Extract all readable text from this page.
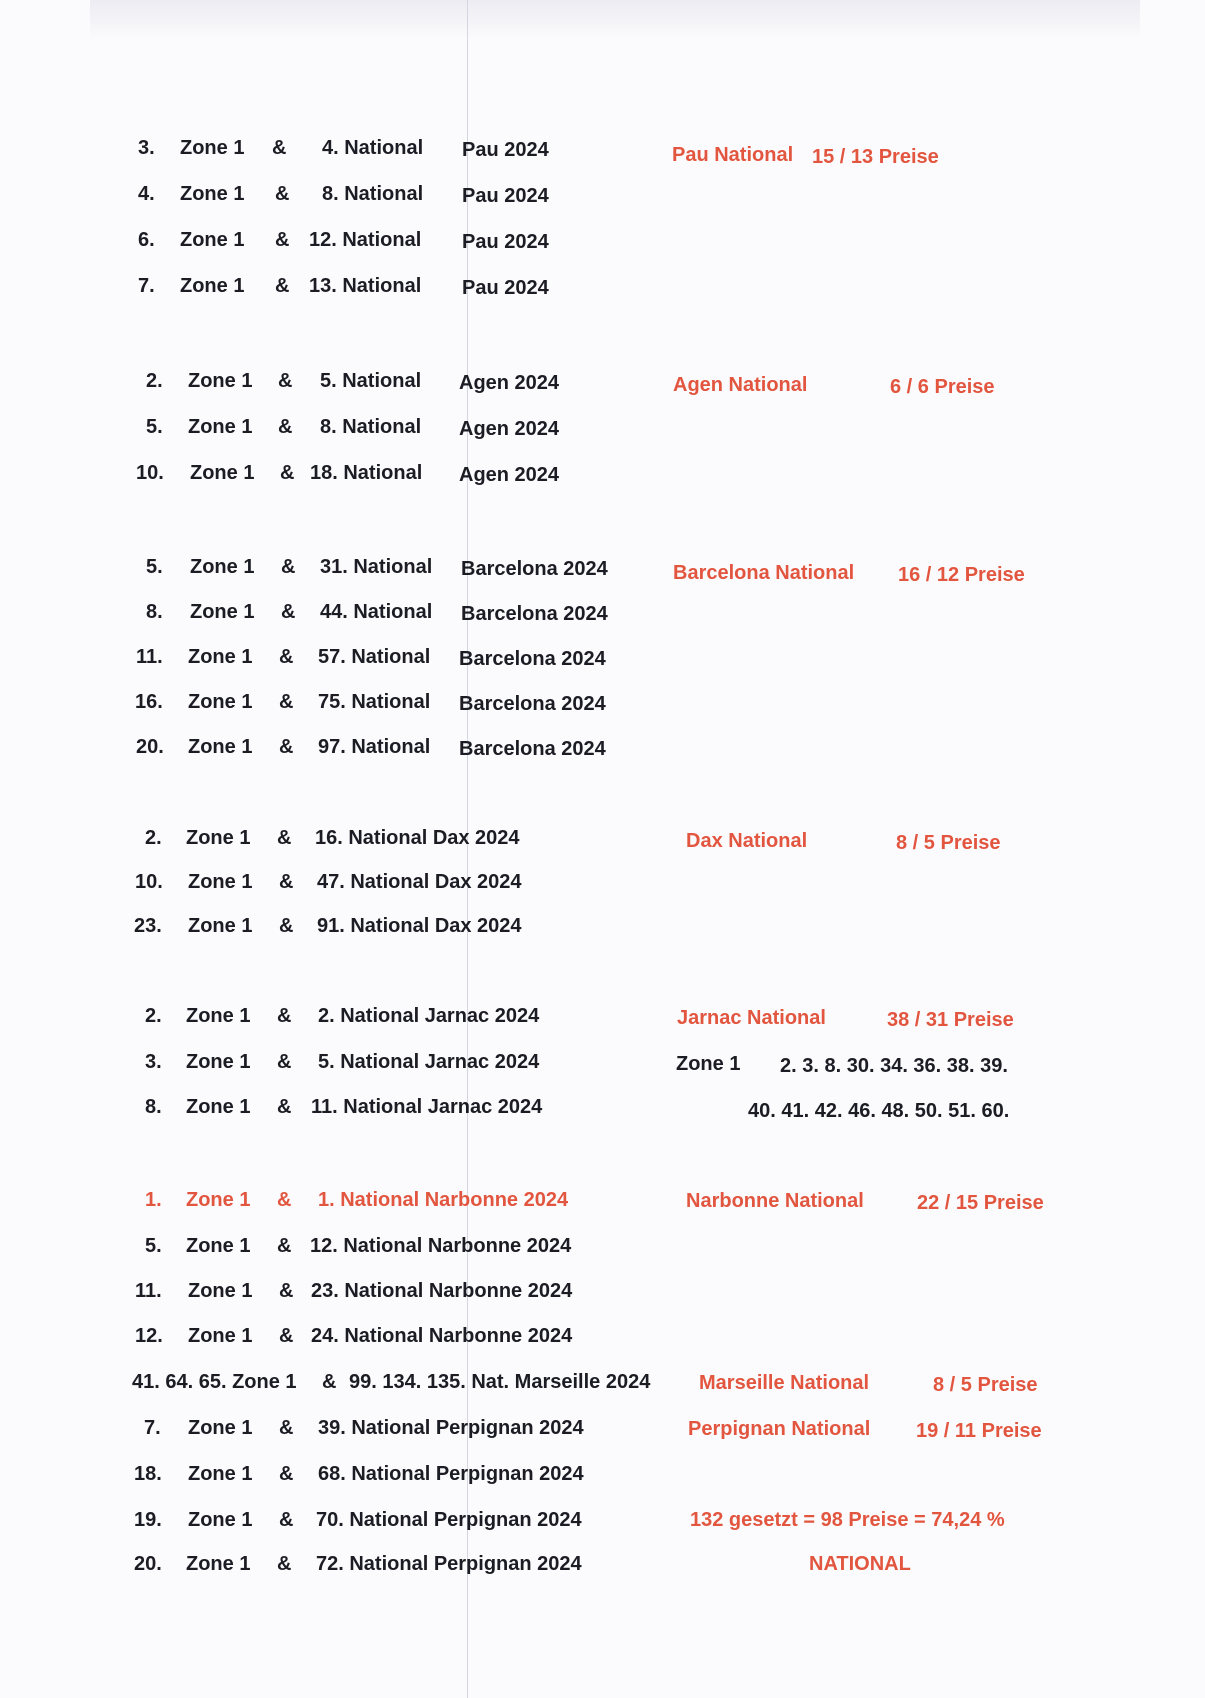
3. Zone 1 & 4. National Pau 2024
4. Zone 1 & 8. National Pau 2024
6. Zone 1 & 12. National Pau 2024
7. Zone 1 & 13. National Pau 2024
Pau National 15 / 13 Preise
2. Zone 1 & 5. National Agen 2024
5. Zone 1 & 8. National Agen 2024
10. Zone 1 & 18. National Agen 2024
Agen National	6 / 6 Preise
5. Zone 1 & 31. National Barcelona 2024
8. Zone 1 & 44. National Barcelona 2024
11. Zone 1 & 57. National Barcelona 2024
16. Zone 1 & 75. National Barcelona 2024
20. Zone 1 & 97. National Barcelona 2024
Barcelona National 16 / 12 Preise
2. Zone 1 & 16. National Dax 2024
10. Zone 1 & 47. National Dax 2024
23. Zone 1 & 91. National Dax 2024
Dax National	8 / 5 Preise
2. Zone 1 & 2. National Jarnac 2024
3. Zone 1 & 5. National Jarnac 2024
8. Zone 1 & 11. National Jarnac 2024
Jarnac National	38 / 31 Preise
Zone 1 2. 3. 8. 30. 34. 36. 38. 39.
40. 41. 42. 46. 48. 50. 51. 60.
1. Zone 1 & 1. National Narbonne 2024
5. Zone 1 & 12. National Narbonne 2024
11. Zone 1 & 23. National Narbonne 2024
12. Zone 1 & 24. National Narbonne 2024
Narbonne National	22 / 15 Preise
41. 64. 65. Zone 1 & 99. 134. 135. Nat. Marseille 2024 Marseille National	8 / 5 Preise
7. Zone 1 & 39. National Perpignan 2024
18. Zone 1 & 68. National Perpignan 2024
19. Zone 1 & 70. National Perpignan 2024
20. Zone 1 & 72. National Perpignan 2024
Perpignan National 19 / 11 Preise
132 gesetzt = 98 Preise = 74,24 %
NATIONAL
